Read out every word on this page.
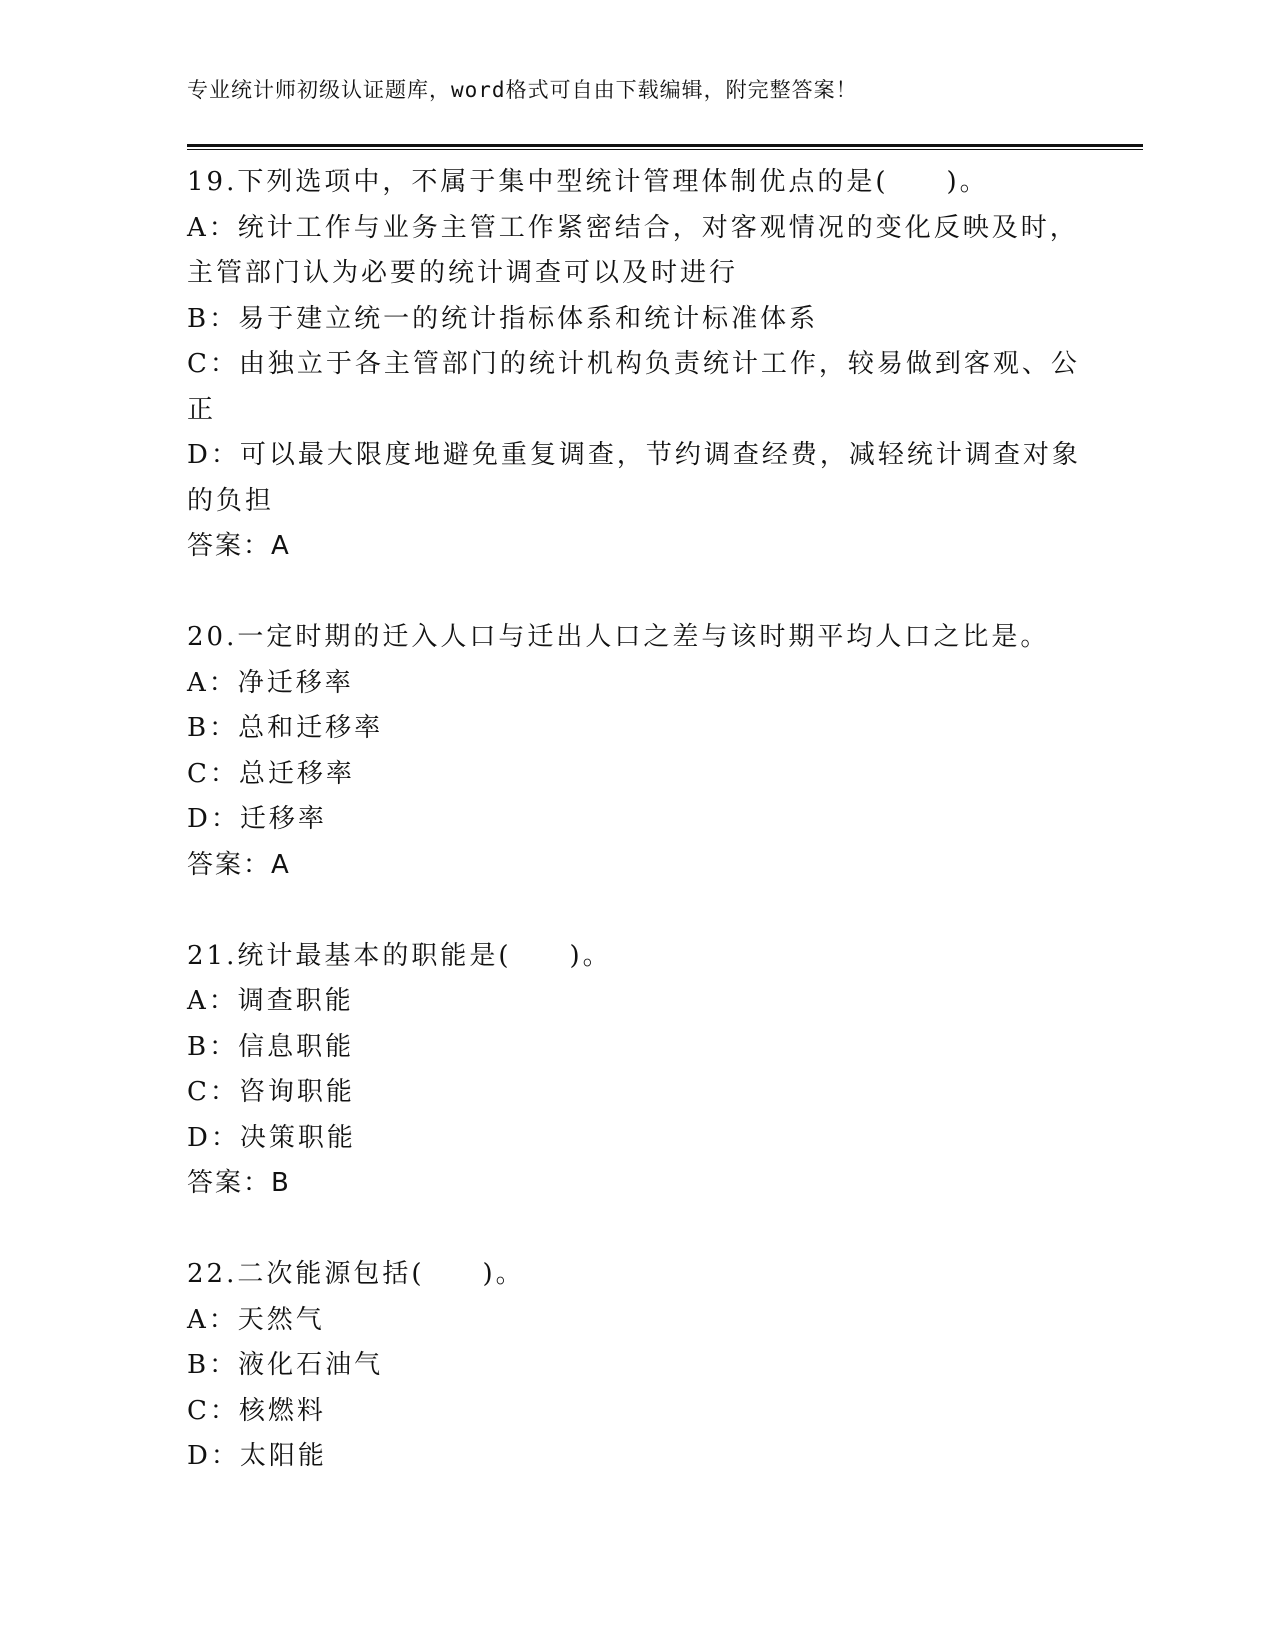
专业统计师初级认证题库，word格式可自由下载编辑，附完整答案！
19.下列选项中，不属于集中型统计管理体制优点的是(　　)。
A：统计工作与业务主管工作紧密结合，对客观情况的变化反映及时，
主管部门认为必要的统计调查可以及时进行
B：易于建立统一的统计指标体系和统计标准体系
C：由独立于各主管部门的统计机构负责统计工作，较易做到客观、公
正
D：可以最大限度地避免重复调查，节约调查经费，减轻统计调查对象
的负担
答案：A
20.一定时期的迁入人口与迁出人口之差与该时期平均人口之比是。
A：净迁移率
B：总和迁移率
C：总迁移率
D：迁移率
答案：A
21.统计最基本的职能是(　　)。
A：调查职能
B：信息职能
C：咨询职能
D：决策职能
答案：B
22.二次能源包括(　　)。
A：天然气
B：液化石油气
C：核燃料
D：太阳能
